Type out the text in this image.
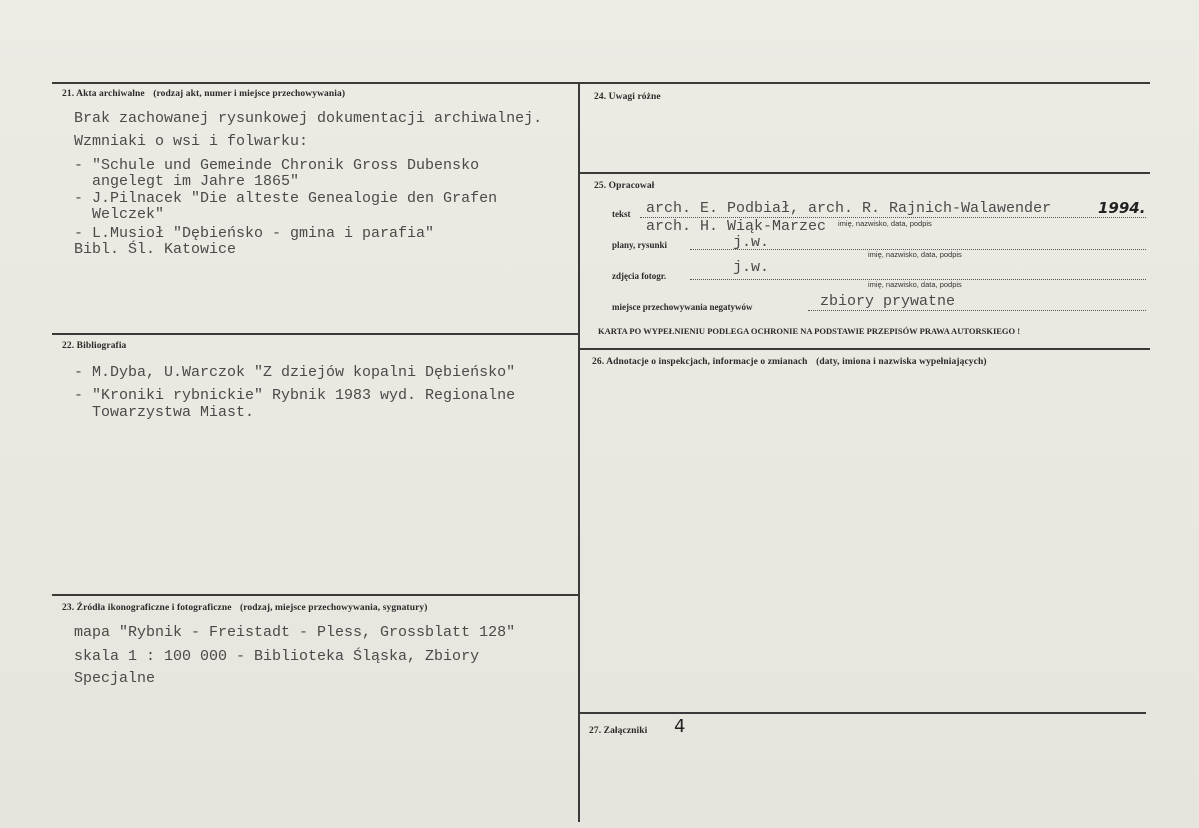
21. Akta archiwalne (rodzaj akt, numer i miejsce przechowywania)
Brak zachowanej rysunkowej dokumentacji archiwalnej.
Wzmniaki o wsi i folwarku:
- "Schule und Gemeinde Chronik Gross Dubensko
angelegt im Jahre 1865"
- J.Pilnacek "Die alteste Genealogie den Grafen
Welczek"
- L.Musioł "Dębieńsko - gmina i parafia"
Bibl. Śl. Katowice
22. Bibliografia
- M.Dyba, U.Warczok "Z dziejów kopalni Dębieńsko"
- "Kroniki rybnickie" Rybnik 1983 wyd. Regionalne
Towarzystwa Miast.
23. Źródła ikonograficzne i fotograficzne (rodzaj, miejsce przechowywania, sygnatury)
mapa "Rybnik - Freistadt - Pless, Grossblatt 128"
skala 1 : 100 000 - Biblioteka Śląska, Zbiory
Specjalne
24. Uwagi różne
25. Opracował
tekst arch. E. Podbiał, arch. R. Rajnich-Walawender	1994.
arch. H. Wiąk-Marzec imię, nazwisko, data, podpis
plany, rysunki	j.w.
imię, nazwisko, data, podpis
zdjęcia fotogr.	j.w.
imię, nazwisko, data, podpis
miejsce przechowywania negatywów	zbiory prywatne
KARTA PO WYPEŁNIENIU PODLEGA OCHRONIE NA PODSTAWIE PRZEPISÓW PRAWA AUTORSKIEGO !
26. Adnotacje o inspekcjach, informacje o zmianach (daty, imiona i nazwiska wypełniających)
27. Załączniki 4
